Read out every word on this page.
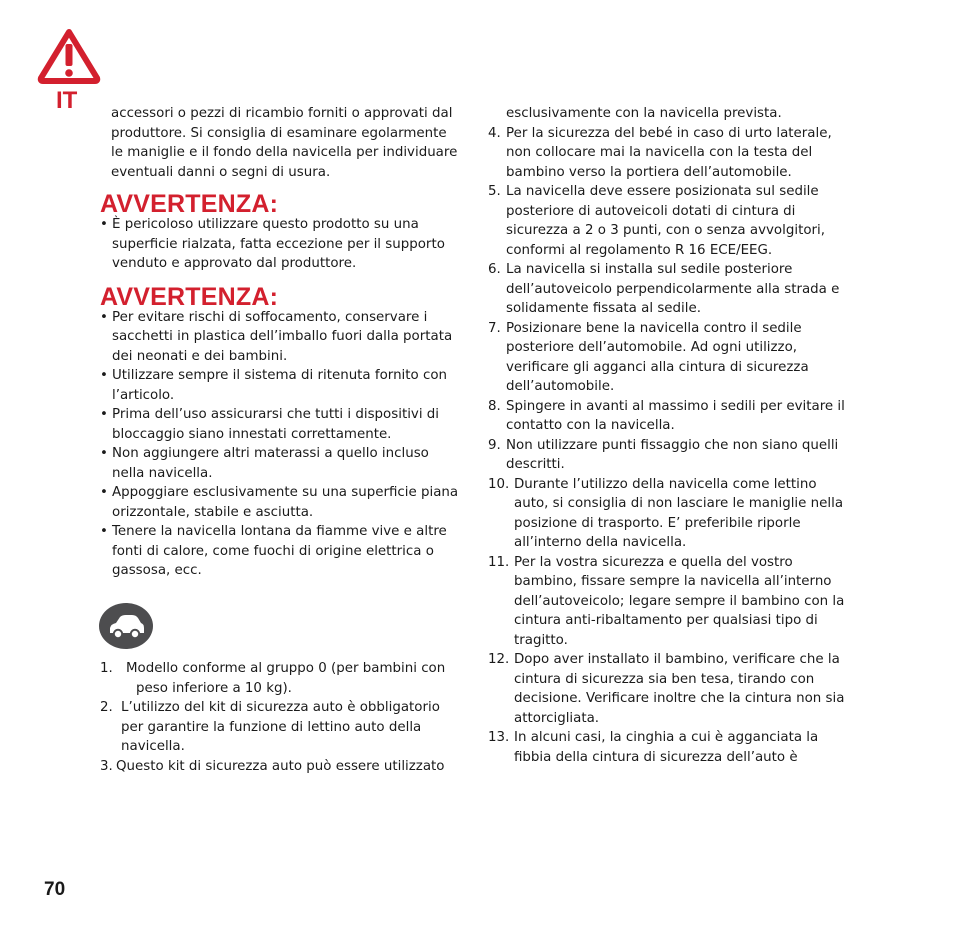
IT	accessori o pezzi di ricambio forniti o approvati dal produttore. Si consiglia di esaminare egolarmente le maniglie e il fondo della navicella per individuare eventuali danni o segni di usura.

AVVERTENZA:
• È pericoloso utilizzare questo prodotto su una superficie rialzata, fatta eccezione per il supporto venduto e approvato dal produttore.
AVVERTENZA:
• Per evitare rischi di soffocamento, conservare i sacchetti in plastica dell’imballo fuori dalla portata dei neonati e dei bambini.
• Utilizzare sempre il sistema di ritenuta fornito con l’articolo.
• Prima dell’uso assicurarsi che tutti i dispositivi di bloccaggio siano innestati correttamente.
• Non aggiungere altri materassi a quello incluso nella navicella.
• Appoggiare esclusivamente su una superficie piana orizzontale, stabile e asciutta.
• Tenere la navicella lontana da fiamme vive e altre fonti di calore, come fuochi di origine elettrica o gassosa, ecc.
1. Modello conforme al gruppo 0 (per bambini con peso inferiore a 10 kg).
2. L’utilizzo del kit di sicurezza auto è obbligatorio per garantire la funzione di lettino auto della navicella.
3. Questo kit di sicurezza auto può essere utilizzato

esclusivamente con la navicella prevista.

4. Per la sicurezza del bebé in caso di urto laterale, non collocare mai la navicella con la testa del bambino verso la portiera dell’automobile.
5. La navicella deve essere posizionata sul sedile posteriore di autoveicoli dotati di cintura di sicurezza a 2 o 3 punti, con o senza avvolgitori, conformi al regolamento R 16 ECE/EEG.
6. La navicella si installa sul sedile posteriore dell’autoveicolo perpendicolarmente alla strada e solidamente fissata al sedile.
7. Posizionare bene la navicella contro il sedile posteriore dell’automobile. Ad ogni utilizzo, verificare gli agganci alla cintura di sicurezza dell’automobile.
8. Spingere in avanti al massimo i sedili per evitare il contatto con la navicella.
9. Non utilizzare punti fissaggio che non siano quelli descritti.
10. Durante l’utilizzo della navicella come lettino auto, si consiglia di non lasciare le maniglie nella posizione di trasporto. E’ preferibile riporle all’interno della navicella.
11. Per la vostra sicurezza e quella del vostro bambino, fissare sempre la navicella all’interno dell’autoveicolo; legare sempre il bambino con la cintura anti-ribaltamento per qualsiasi tipo di tragitto.
12. Dopo aver installato il bambino, verificare che la cintura di sicurezza sia ben tesa, tirando con decisione. Verificare inoltre che la cintura non sia attorcigliata.
13. In alcuni casi, la cinghia a cui è agganciata la fibbia della cintura di sicurezza dell’auto è
70
